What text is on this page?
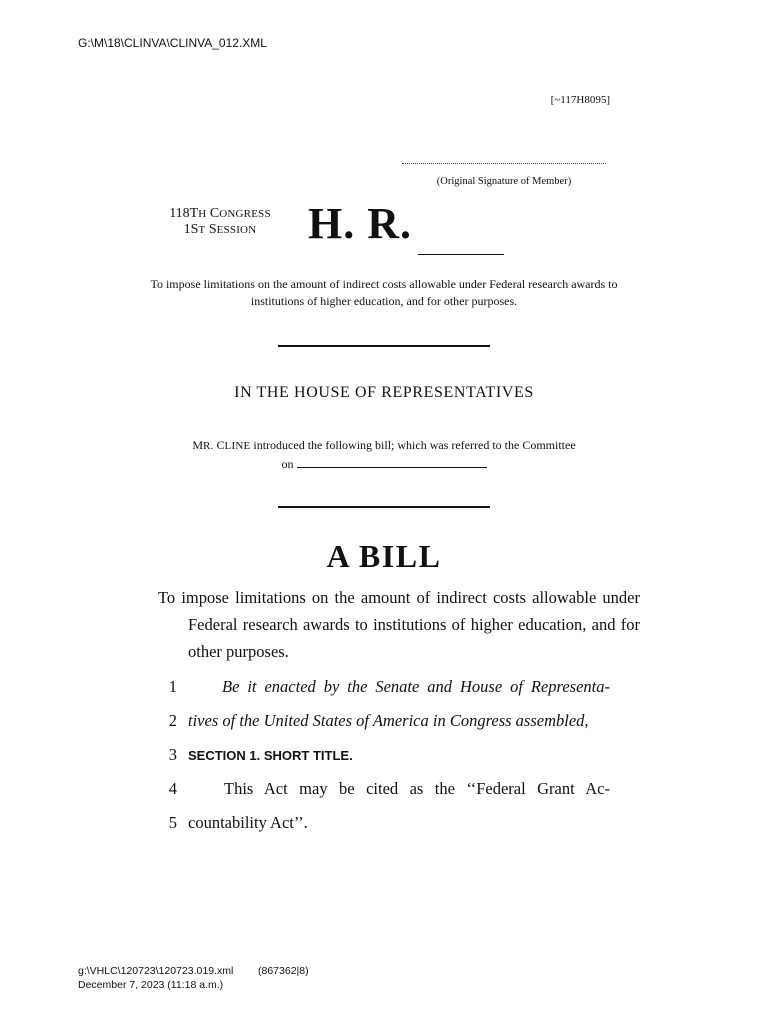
G:\M\18\CLINVA\CLINVA_012.XML
[~117H8095]
(Original Signature of Member)
118TH CONGRESS
1ST SESSION	H. R.
To impose limitations on the amount of indirect costs allowable under Federal research awards to institutions of higher education, and for other purposes.
IN THE HOUSE OF REPRESENTATIVES
MR. CLINE introduced the following bill; which was referred to the Committee
on
A BILL
To impose limitations on the amount of indirect costs allowable under Federal research awards to institutions of higher education, and for other purposes.
1	Be it enacted by the Senate and House of Representa-
2 tives of the United States of America in Congress assembled,
3 SECTION 1. SHORT TITLE.
4	This Act may be cited as the ‘‘Federal Grant Ac-
5 countability Act’’.
g:\VHLC\120723\120723.019.xml (867362|8)
December 7, 2023 (11:18 a.m.)
